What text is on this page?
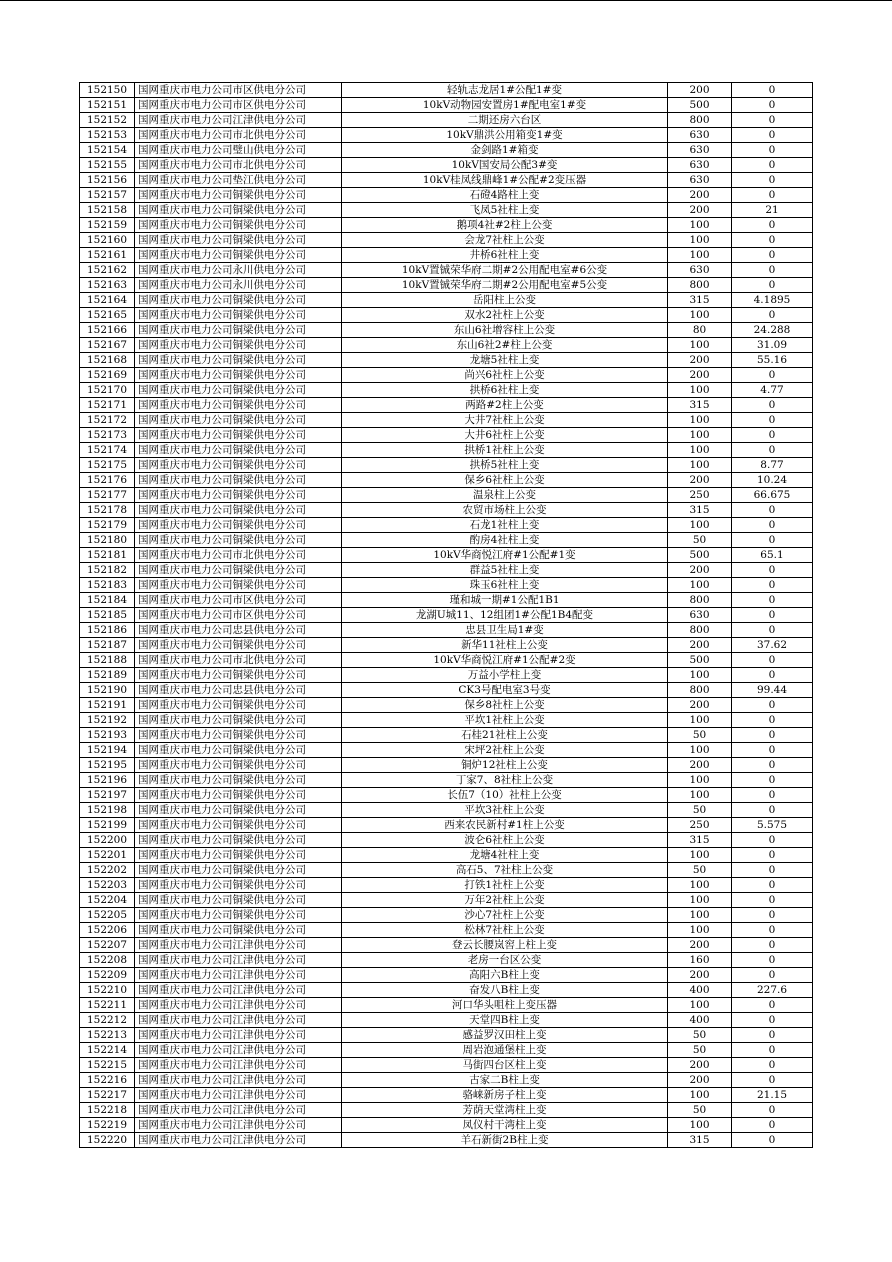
152150	国网重庆市电力公司市区供电分公司	轻轨志龙居1#公配1#变	200	0
152151	国网重庆市电力公司市区供电分公司	10kV动物园安置房1#配电室1#变	500	0
152152	国网重庆市电力公司江津供电分公司	二期还房六台区	800	0
152153	国网重庆市电力公司市北供电分公司	10kV鼎洪公用箱变1#变	630	0
152154	国网重庆市电力公司璧山供电分公司	金剑路1#箱变	630	0
152155	国网重庆市电力公司市北供电分公司	10kV国安局公配3#变	630	0
152156	国网重庆市电力公司垫江供电分公司	10kV桂凤线鼎峰1#公配#2变压器	630	0
152157	国网重庆市电力公司铜梁供电分公司	石磴4路柱上变	200	0
152158	国网重庆市电力公司铜梁供电分公司	飞凤5社柱上变	200	21
152159	国网重庆市电力公司铜梁供电分公司	鹅项4社#2柱上公变	100	0
152160	国网重庆市电力公司铜梁供电分公司	会龙7社柱上公变	100	0
152161	国网重庆市电力公司铜梁供电分公司	井桥6社柱上变	100	0
152162	国网重庆市电力公司永川供电分公司	10kV置铖荣华府二期#2公用配电室#6公变	630	0
152163	国网重庆市电力公司永川供电分公司	10kV置铖荣华府二期#2公用配电室#5公变	800	0
152164	国网重庆市电力公司铜梁供电分公司	岳阳柱上公变	315	4.1895
152165	国网重庆市电力公司铜梁供电分公司	双水2社柱上公变	100	0
152166	国网重庆市电力公司铜梁供电分公司	东山6社增容柱上公变	80	24.288
152167	国网重庆市电力公司铜梁供电分公司	东山6社2#柱上公变	100	31.09
152168	国网重庆市电力公司铜梁供电分公司	龙塘5社柱上变	200	55.16
152169	国网重庆市电力公司铜梁供电分公司	尚兴6社柱上公变	200	0
152170	国网重庆市电力公司铜梁供电分公司	拱桥6社柱上变	100	4.77
152171	国网重庆市电力公司铜梁供电分公司	两路#2柱上公变	315	0
152172	国网重庆市电力公司铜梁供电分公司	大井7社柱上公变	100	0
152173	国网重庆市电力公司铜梁供电分公司	大井6社柱上公变	100	0
152174	国网重庆市电力公司铜梁供电分公司	拱桥1社柱上公变	100	0
152175	国网重庆市电力公司铜梁供电分公司	拱桥5社柱上变	100	8.77
152176	国网重庆市电力公司铜梁供电分公司	保乡6社柱上公变	200	10.24
152177	国网重庆市电力公司铜梁供电分公司	温泉柱上公变	250	66.675
152178	国网重庆市电力公司铜梁供电分公司	农贸市场柱上公变	315	0
152179	国网重庆市电力公司铜梁供电分公司	石龙1社柱上变	100	0
152180	国网重庆市电力公司铜梁供电分公司	酌房4社柱上变	50	0
152181	国网重庆市电力公司市北供电分公司	10kV华商悦江府#1公配#1变	500	65.1
152182	国网重庆市电力公司铜梁供电分公司	群益5社柱上变	200	0
152183	国网重庆市电力公司铜梁供电分公司	珠玉6社柱上变	100	0
152184	国网重庆市电力公司市区供电分公司	瑾和城一期#1公配1B1	800	0
152185	国网重庆市电力公司市区供电分公司	龙湖U城11、12组团1#公配1B4配变	630	0
152186	国网重庆市电力公司忠县供电分公司	忠县卫生局1#变	800	0
152187	国网重庆市电力公司铜梁供电分公司	新华11社柱上公变	200	37.62
152188	国网重庆市电力公司市北供电分公司	10kV华商悦江府#1公配#2变	500	0
152189	国网重庆市电力公司铜梁供电分公司	万益小学柱上变	100	0
152190	国网重庆市电力公司忠县供电分公司	CK3号配电室3号变	800	99.44
152191	国网重庆市电力公司铜梁供电分公司	保乡8社柱上公变	200	0
152192	国网重庆市电力公司铜梁供电分公司	平坎1社柱上公变	100	0
152193	国网重庆市电力公司铜梁供电分公司	石桂21社柱上公变	50	0
152194	国网重庆市电力公司铜梁供电分公司	宋坪2社柱上公变	100	0
152195	国网重庆市电力公司铜梁供电分公司	铜炉12社柱上公变	200	0
152196	国网重庆市电力公司铜梁供电分公司	丁家7、8社柱上公变	100	0
152197	国网重庆市电力公司铜梁供电分公司	长伍7（10）社柱上公变	100	0
152198	国网重庆市电力公司铜梁供电分公司	平坎3社柱上公变	50	0
152199	国网重庆市电力公司铜梁供电分公司	西来农民新村#1柱上公变	250	5.575
152200	国网重庆市电力公司铜梁供电分公司	波仑6社柱上公变	315	0
152201	国网重庆市电力公司铜梁供电分公司	龙塘4社柱上变	100	0
152202	国网重庆市电力公司铜梁供电分公司	高石5、7社柱上公变	50	0
152203	国网重庆市电力公司铜梁供电分公司	打铁1社柱上公变	100	0
152204	国网重庆市电力公司铜梁供电分公司	万年2社柱上公变	100	0
152205	国网重庆市电力公司铜梁供电分公司	沙心7社柱上公变	100	0
152206	国网重庆市电力公司铜梁供电分公司	松林7社柱上公变	100	0
152207	国网重庆市电力公司江津供电分公司	登云长腰岚窖上柱上变	200	0
152208	国网重庆市电力公司江津供电分公司	老房一台区公变	160	0
152209	国网重庆市电力公司江津供电分公司	高阳六B柱上变	200	0
152210	国网重庆市电力公司江津供电分公司	奋发八B柱上变	400	227.6
152211	国网重庆市电力公司江津供电分公司	河口华头咀柱上变压器	100	0
152212	国网重庆市电力公司江津供电分公司	天堂四B柱上变	400	0
152213	国网重庆市电力公司江津供电分公司	感益罗汉田柱上变	50	0
152214	国网重庆市电力公司江津供电分公司	周岩泡通堡柱上变	50	0
152215	国网重庆市电力公司江津供电分公司	马街四台区柱上变	200	0
152216	国网重庆市电力公司江津供电分公司	古家二B柱上变	200	0
152217	国网重庆市电力公司江津供电分公司	骆崃新房子柱上变	100	21.15
152218	国网重庆市电力公司江津供电分公司	芳荫天堂湾柱上变	50	0
152219	国网重庆市电力公司江津供电分公司	凤仪村干湾柱上变	100	0
152220	国网重庆市电力公司江津供电分公司	羊石新街2B柱上变	315	0
